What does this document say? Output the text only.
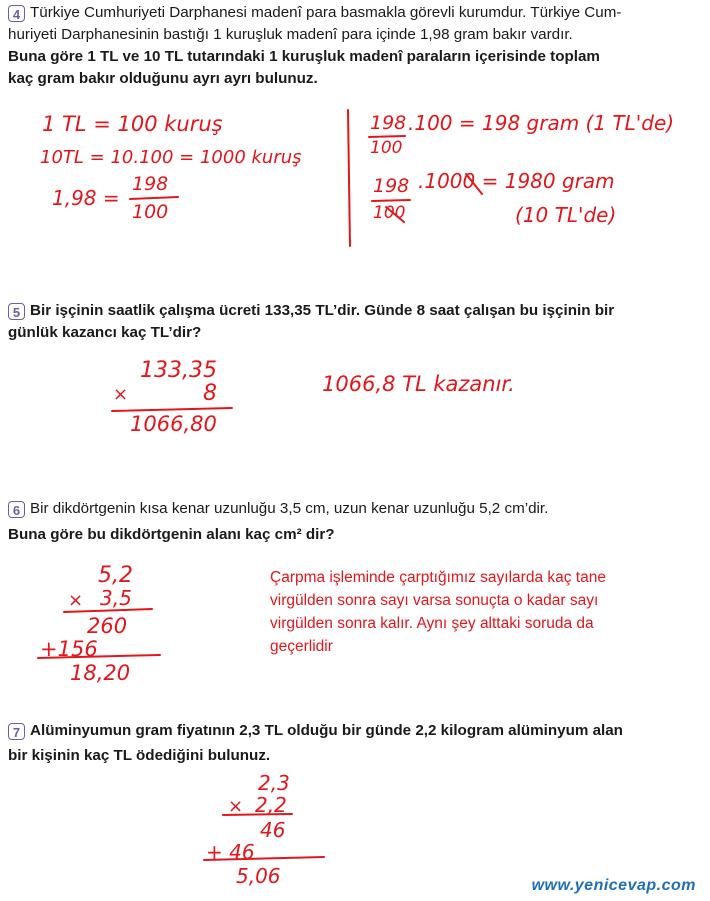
4 Türkiye Cumhuriyeti Darphanesi madenî para basmakla görevli kurumdur. Türkiye Cum-
huriyeti Darphanesinin bastığı 1 kuruşluk madenî para içinde 1,98 gram bakır vardır.
Buna göre 1 TL ve 10 TL tutarındaki 1 kuruşluk madenî paraların içerisinde toplam
kaç gram bakır olduğunu ayrı ayrı bulunuz.
1 TL = 100 kuruş
10TL = 10.100 = 1000 kuruş
1,98 =
198
100
198
100
.100 = 198 gram (1 TL'de)
198
100
.1000 = 1980 gram
(10 TL'de)
5 Bir işçinin saatlik çalışma ücreti 133,35 TL’dir. Günde 8 saat çalışan bu işçinin bir
günlük kazancı kaç TL’dir?
133,35
×	8
1066,80
1066,8 TL kazanır.
6 Bir dikdörtgenin kısa kenar uzunluğu 3,5 cm, uzun kenar uzunluğu 5,2 cm’dir.
Buna göre bu dikdörtgenin alanı kaç cm² dir?
5,2
× 3,5
260
+156
18,20
Çarpma işleminde çarptığımız sayılarda kaç tane virgülden sonra sayı varsa sonuçta o kadar sayı virgülden sonra kalır. Aynı şey alttaki soruda da geçerlidir
7 Alüminyumun gram fiyatının 2,3 TL olduğu bir günde 2,2 kilogram alüminyum alan
bir kişinin kaç TL ödediğini bulunuz.
2,3
× 2,2
46
+ 46
5,06	www.yenicevap.com
